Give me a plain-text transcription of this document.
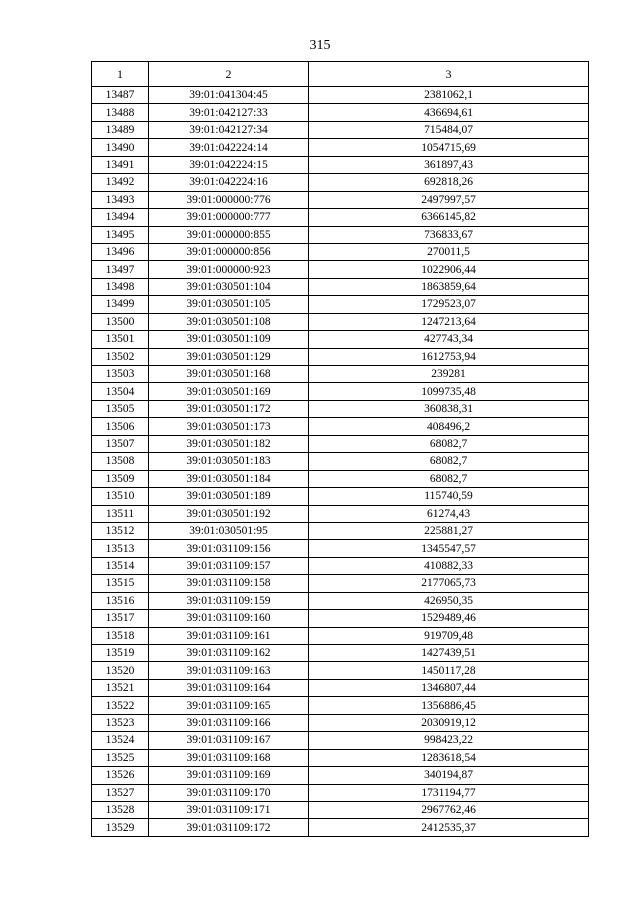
315
1	2	3
13487	39:01:041304:45	2381062,1
13488	39:01:042127:33	436694,61
13489	39:01:042127:34	715484,07
13490	39:01:042224:14	1054715,69
13491	39:01:042224:15	361897,43
13492	39:01:042224:16	692818,26
13493	39:01:000000:776	2497997,57
13494	39:01:000000:777	6366145,82
13495	39:01:000000:855	736833,67
13496	39:01:000000:856	270011,5
13497	39:01:000000:923	1022906,44
13498	39:01:030501:104	1863859,64
13499	39:01:030501:105	1729523,07
13500	39:01:030501:108	1247213,64
13501	39:01:030501:109	427743,34
13502	39:01:030501:129	1612753,94
13503	39:01:030501:168	239281
13504	39:01:030501:169	1099735,48
13505	39:01:030501:172	360838,31
13506	39:01:030501:173	408496,2
13507	39:01:030501:182	68082,7
13508	39:01:030501:183	68082,7
13509	39:01:030501:184	68082,7
13510	39:01:030501:189	115740,59
13511	39:01:030501:192	61274,43
13512	39:01:030501:95	225881,27
13513	39:01:031109:156	1345547,57
13514	39:01:031109:157	410882,33
13515	39:01:031109:158	2177065,73
13516	39:01:031109:159	426950,35
13517	39:01:031109:160	1529489,46
13518	39:01:031109:161	919709,48
13519	39:01:031109:162	1427439,51
13520	39:01:031109:163	1450117,28
13521	39:01:031109:164	1346807,44
13522	39:01:031109:165	1356886,45
13523	39:01:031109:166	2030919,12
13524	39:01:031109:167	998423,22
13525	39:01:031109:168	1283618,54
13526	39:01:031109:169	340194,87
13527	39:01:031109:170	1731194,77
13528	39:01:031109:171	2967762,46
13529	39:01:031109:172	2412535,37
